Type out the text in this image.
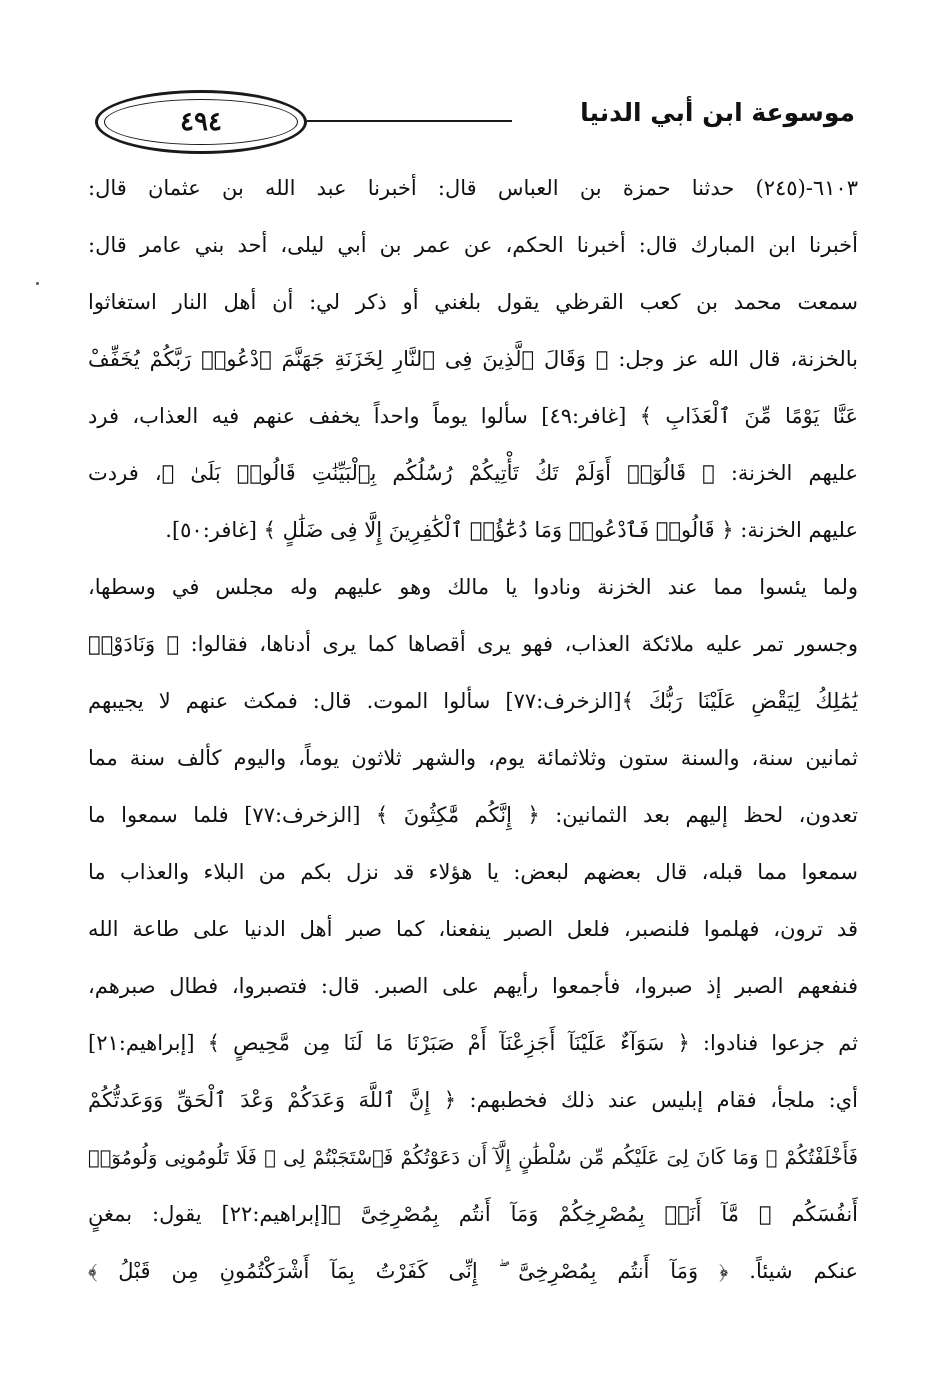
٤٩٤	موسوعة ابن أبي الدنيا
٦١٠٣-(٢٤٥) حدثنا حمزة بن العباس قال: أخبرنا عبد الله بن عثمان قال:
أخبرنا ابن المبارك قال: أخبرنا الحكم، عن عمر بن أبي ليلى، أحد بني عامر قال:
سمعت محمد بن كعب القرظي يقول بلغني أو ذكر لي: أن أهل النار استغاثوا
بالخزنة، قال الله عز وجل: ﴿ وَقَالَ ٱلَّذِينَ فِى ٱلنَّارِ لِخَزَنَةِ جَهَنَّمَ ٱدْعُوا۟ رَبَّكُمْ يُخَفِّفْ
عَنَّا يَوْمًا مِّنَ ٱلْعَذَابِ ﴾ [غافر:٤٩] سألوا يوماً واحداً يخفف عنهم فيه العذاب، فرد
عليهم الخزنة: ﴿ قَالُوٓا۟ أَوَلَمْ تَكُ تَأْتِيكُمْ رُسُلُكُم بِٱلْبَيِّنَٰتِ قَالُوا۟ بَلَىٰ ﴾، فردت
عليهم الخزنة: ﴿ قَالُوا۟ فَٱدْعُوا۟ وَمَا دُعَٰٓؤُا۟ ٱلْكَٰفِرِينَ إِلَّا فِى ضَلَٰلٍ ﴾ [غافر:٥٠].
ولما يئسوا مما عند الخزنة ونادوا يا مالك وهو عليهم وله مجلس في وسطها،
وجسور تمر عليه ملائكة العذاب، فهو يرى أقصاها كما يرى أدناها، فقالوا: ﴿ وَنَادَوْا۟
يَٰمَٰلِكُ لِيَقْضِ عَلَيْنَا رَبُّكَ ﴾[الزخرف:٧٧] سألوا الموت. قال: فمكث عنهم لا يجيبهم
ثمانين سنة، والسنة ستون وثلاثمائة يوم، والشهر ثلاثون يوماً، واليوم كألف سنة مما
تعدون، لحظ إليهم بعد الثمانين: ﴿ إِنَّكُم مَّٰكِثُونَ ﴾ [الزخرف:٧٧] فلما سمعوا ما
سمعوا مما قبله، قال بعضهم لبعض: يا هؤلاء قد نزل بكم من البلاء والعذاب ما
قد ترون، فهلموا فلنصبر، فلعل الصبر ينفعنا، كما صبر أهل الدنيا على طاعة الله
فنفعهم الصبر إذ صبروا، فأجمعوا رأيهم على الصبر. قال: فتصبروا، فطال صبرهم،
ثم جزعوا فنادوا: ﴿ سَوَآءٌ عَلَيْنَآ أَجَزِعْنَآ أَمْ صَبَرْنَا مَا لَنَا مِن مَّحِيصٍ ﴾ [إبراهيم:٢١]
أي: ملجأ، فقام إبليس عند ذلك فخطبهم: ﴿ إِنَّ ٱللَّهَ وَعَدَكُمْ وَعْدَ ٱلْحَقِّ وَوَعَدتُّكُمْ
فَأَخْلَفْتُكُمْ ۖ وَمَا كَانَ لِىَ عَلَيْكُم مِّن سُلْطَٰنٍ إِلَّآ أَن دَعَوْتُكُمْ فَٱسْتَجَبْتُمْ لِى ۖ فَلَا تَلُومُونِى وَلُومُوٓا۟
أَنفُسَكُم ۖ مَّآ أَنَا۠ بِمُصْرِخِكُمْ وَمَآ أَنتُم بِمُصْرِخِىَّ ﴾[إبراهيم:٢٢] يقول: بمغنٍ
عنكم شيئاً. ﴿ وَمَآ أَنتُم بِمُصْرِخِىَّ ۖ إِنِّى كَفَرْتُ بِمَآ أَشْرَكْتُمُونِ مِن قَبْلُ ﴾
